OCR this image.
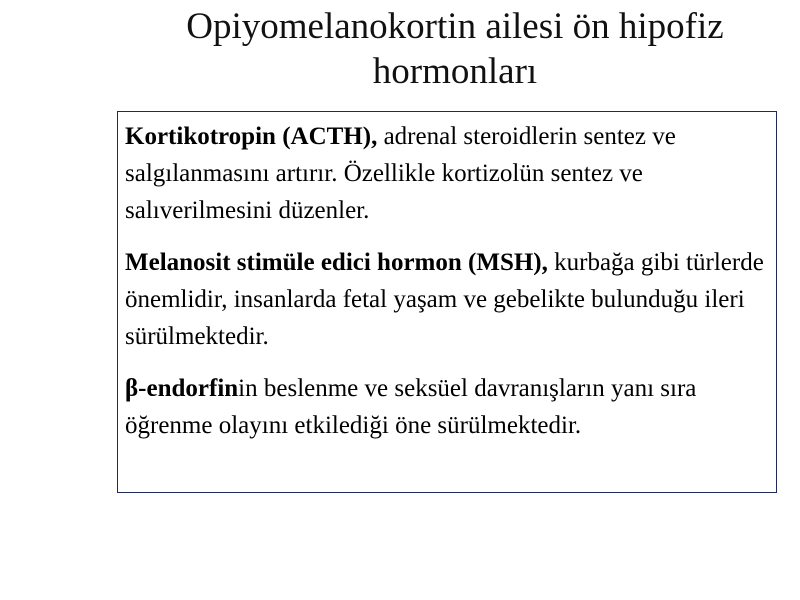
Opiyomelanokortin ailesi ön hipofiz
hormonları

Kortikotropin (ACTH), adrenal steroidlerin sentez ve salgılanmasını artırır. Özellikle kortizolün sentez ve salıverilmesini düzenler.

Melanosit stimüle edici hormon (MSH), kurbağa gibi türlerde önemlidir, insanlarda fetal yaşam ve gebelikte bulunduğu ileri sürülmektedir.

β-endorfinin beslenme ve seksüel davranışların yanı sıra öğrenme olayını etkilediği öne sürülmektedir.
